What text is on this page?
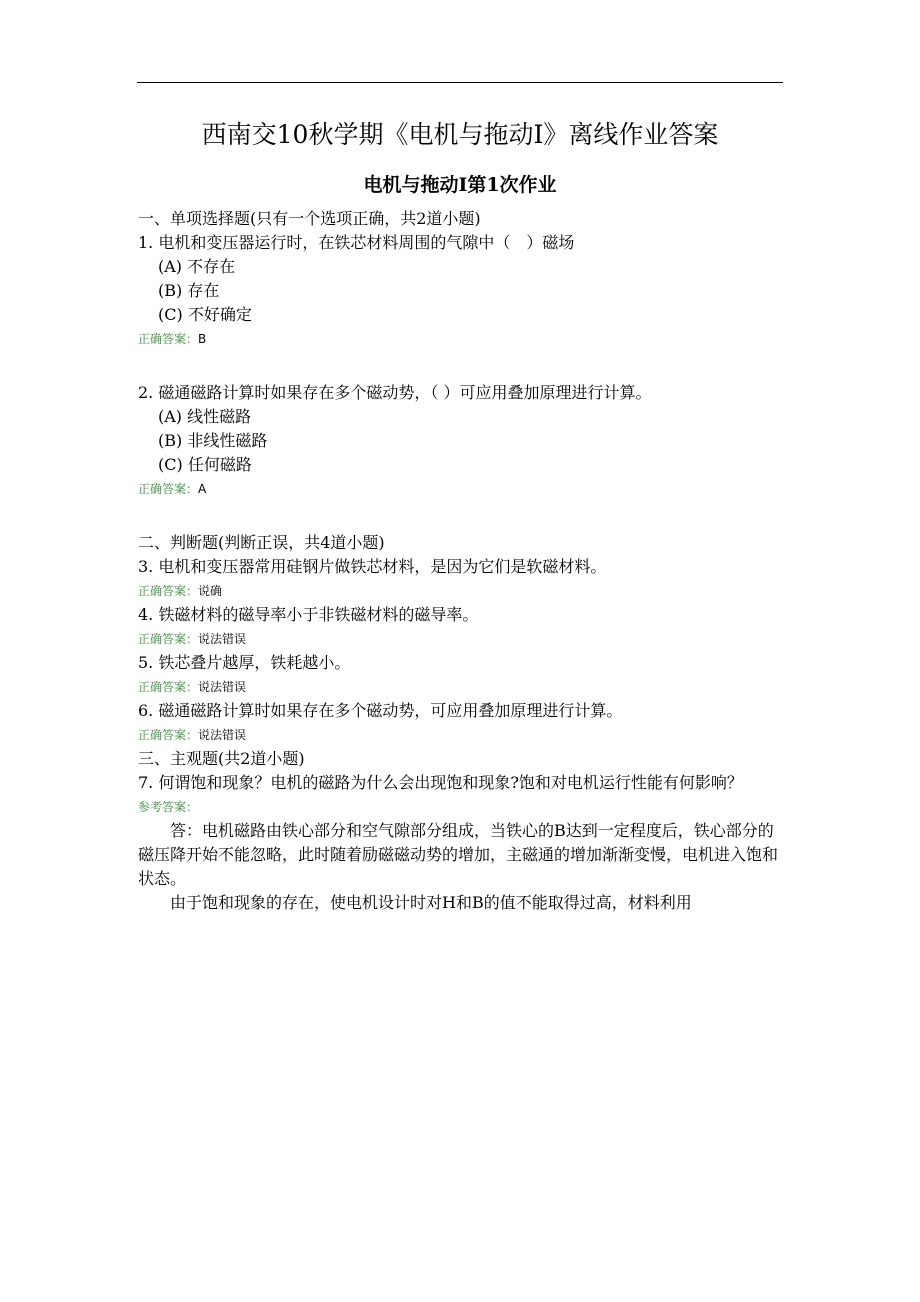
西南交10秋学期《电机与拖动I》离线作业答案
电机与拖动Ⅰ第1次作业
一、单项选择题(只有一个选项正确，共2道小题)
1. 电机和变压器运行时，在铁芯材料周围的气隙中（　）磁场
(A) 不存在
(B) 存在
(C) 不好确定
正确答案：B
2. 磁通磁路计算时如果存在多个磁动势，（ ）可应用叠加原理进行计算。
(A) 线性磁路
(B) 非线性磁路
(C) 任何磁路
正确答案：A
二、判断题(判断正误，共4道小题)
3. 电机和变压器常用硅钢片做铁芯材料，是因为它们是软磁材料。
正确答案：说确
4. 铁磁材料的磁导率小于非铁磁材料的磁导率。
正确答案：说法错误
5. 铁芯叠片越厚，铁耗越小。
正确答案：说法错误
6. 磁通磁路计算时如果存在多个磁动势，可应用叠加原理进行计算。
正确答案：说法错误
三、主观题(共2道小题)
7. 何谓饱和现象？电机的磁路为什么会出现饱和现象?饱和对电机运行性能有何影响？
参考答案：
答：电机磁路由铁心部分和空气隙部分组成，当铁心的B达到一定程度后，铁心部分的磁压降开始不能忽略，此时随着励磁磁动势的增加，主磁通的增加渐渐变慢，电机进入饱和状态。
由于饱和现象的存在，使电机设计时对H和B的值不能取得过高，材料利用
